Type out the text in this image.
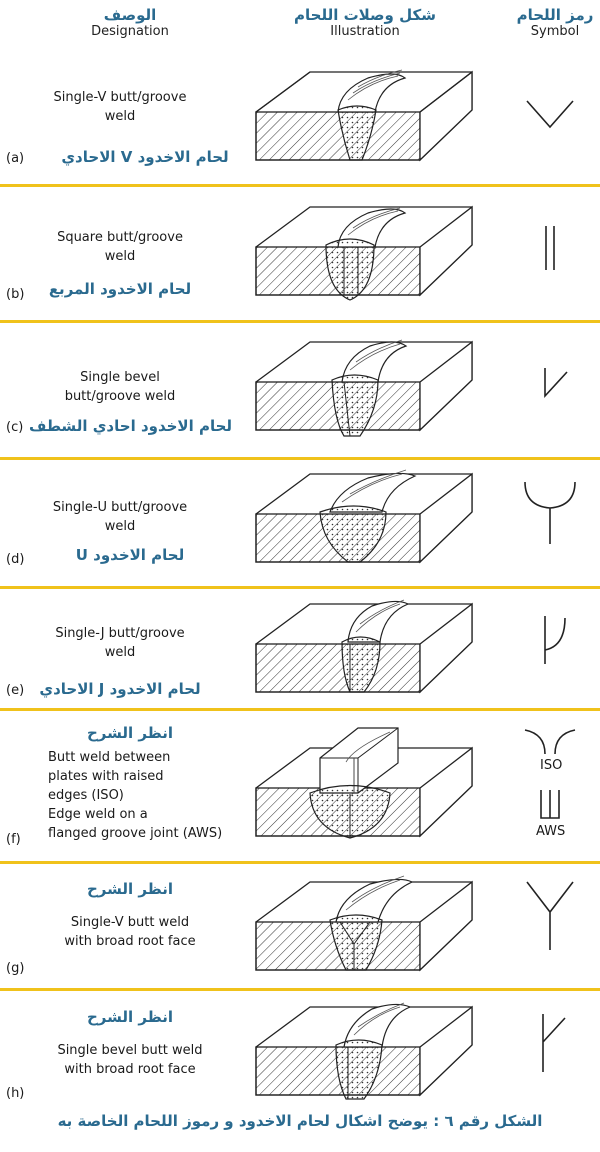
الوصف
Designation
شكل وصلات اللحام
Illustration
رمز اللحام
Symbol
Single-V butt/groove
weld
(a)	لحام الاخدود V الاحادي
Square butt/groove
weld
(b)	لحام الاخدود المربع
Single bevel
butt/groove weld
(c) لحام الاخدود احادي الشطف
Single-U butt/groove
weld
(d)	لحام الاخدود U
Single-J butt/groove
weld
(e)	لحام الاخدود J الاحادي
انظر الشرح
Butt weld between
plates with raised
edges (ISO)
Edge weld on a
flanged groove joint (AWS)
(f)
ISO
AWS
انظر الشرح
Single-V butt weld
with broad root face
(g)
انظر الشرح
Single bevel butt weld
with broad root face
(h)
الشكل رقم ٦ : يوضح اشكال لحام الاخدود و رموز اللحام الخاصة به
